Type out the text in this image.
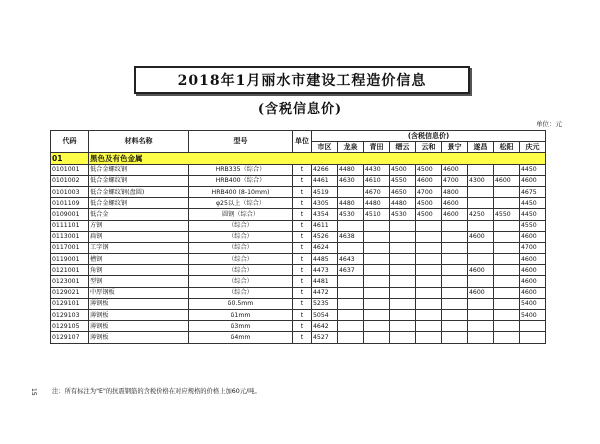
2018年1月丽水市建设工程造价信息
(含税信息价)
单位：元
代码	材料名称	型号	单位	(含税信息价)								
				市区	龙泉	青田	缙云	云和	景宁	遂昌	松阳	庆元
01	黑色及有色金属											
0101001	低合金螺纹钢	HRB335（综合）	t	4266	4480	4430	4500	4500	4600			4450
0101002	低合金螺纹钢	HRB400（综合）	t	4461	4630	4610	4550	4600	4700	4300	4600	4600
0101003	低合金螺纹钢(盘圆)	HRB400 (8-10mm)	t	4519		4670	4650	4700	4800			4675
0101109	低合金螺纹钢	φ25以上（综合）	t	4305	4480	4480	4480	4500	4600			4450
0109001	低合金	圆钢（综合）	t	4354	4530	4510	4530	4500	4600	4250	4550	4450
0111101	方钢	（综合）	t	4611								4550
0113001	扁钢	（综合）	t	4526	4638					4600		4600
0117001	工字钢	（综合）	t	4624								4700
0119001	槽钢	（综合）	t	4485	4643							4600
0121001	角钢	（综合）	t	4473	4637					4600		4600
0123001	型钢	（综合）	t	4481								4600
0129021	中厚钢板	（综合）	t	4472						4600		4600
0129101	薄钢板	δ0.5mm	t	5235								5400
0129103	薄钢板	δ1mm	t	5054								5400
0129105	薄钢板	δ3mm	t	4642								
0129107	薄钢板	δ4mm	t	4527								
注：所有标注为"E"的抗震钢筋的含税价格在对应规格的价格上加60元/吨。
15
